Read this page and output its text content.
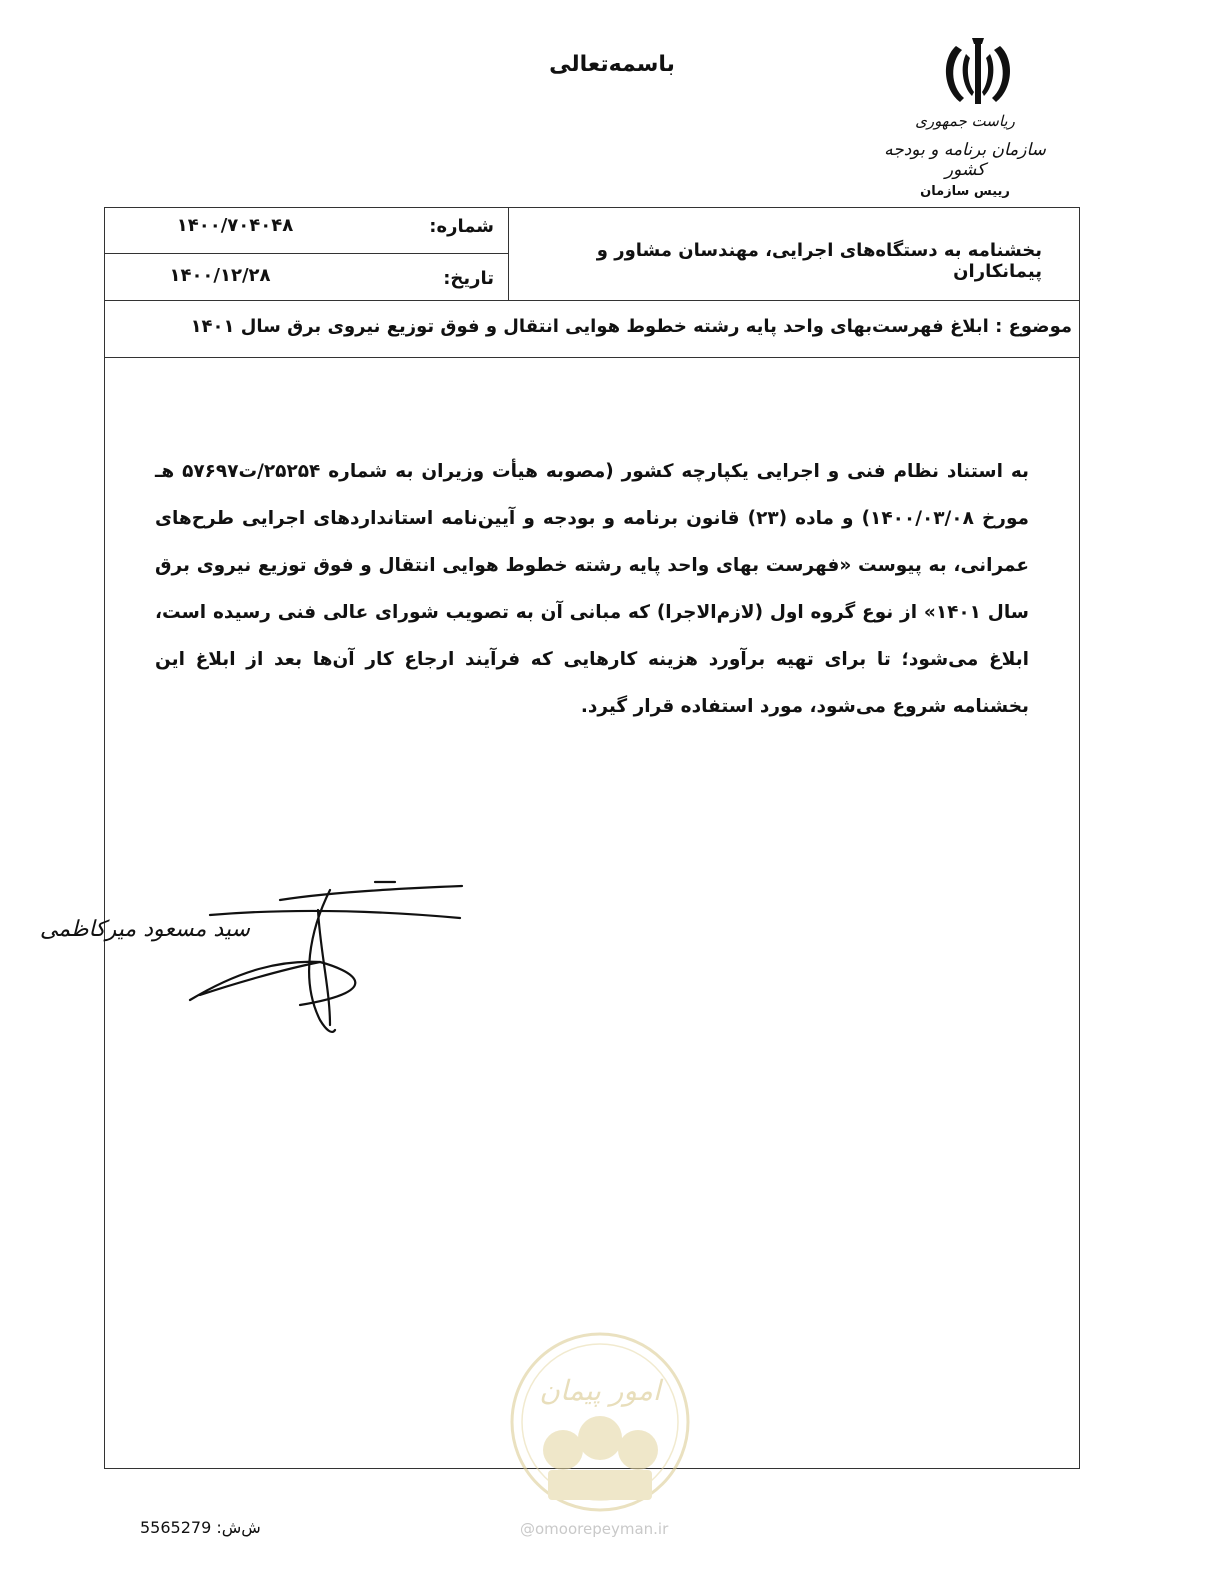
باسمه‌تعالی
ریاست جمهوری
سازمان برنامه و بودجه کشور
رییس سازمان
شماره:
۱۴۰۰/۷۰۴۰۴۸
تاریخ:
۱۴۰۰/۱۲/۲۸
بخشنامه به دستگاه‌های اجرایی، مهندسان مشاور و پیمانکاران
موضوع : ابلاغ فهرست‌بهای واحد پایه رشته خطوط هوایی انتقال و فوق توزیع نیروی برق سال ۱۴۰۱
به استناد نظام فنی و اجرایی یکپارچه کشور (مصوبه هیأت وزیران به شماره ۲۵۲۵۴/ت۵۷۶۹۷ هـ مورخ ۱۴۰۰/۰۳/۰۸) و ماده (۲۳) قانون برنامه و بودجه و آیین‌نامه استانداردهای اجرایی طرح‌های عمرانی، به پیوست «فهرست بهای واحد پایه رشته خطوط هوایی انتقال و فوق توزیع نیروی برق سال ۱۴۰۱» از نوع گروه اول (لازم‌الاجرا) که مبانی آن به تصویب شورای عالی فنی رسیده است، ابلاغ می‌شود؛ تا برای تهیه برآورد هزینه کارهایی که فرآیند ارجاع کار آن‌ها بعد از ابلاغ این بخشنامه شروع می‌شود، مورد استفاده قرار گیرد.
سید مسعود میرکاظمی
امور پیمان
ش‌ش: 5565279	@omoorepeyman.ir
